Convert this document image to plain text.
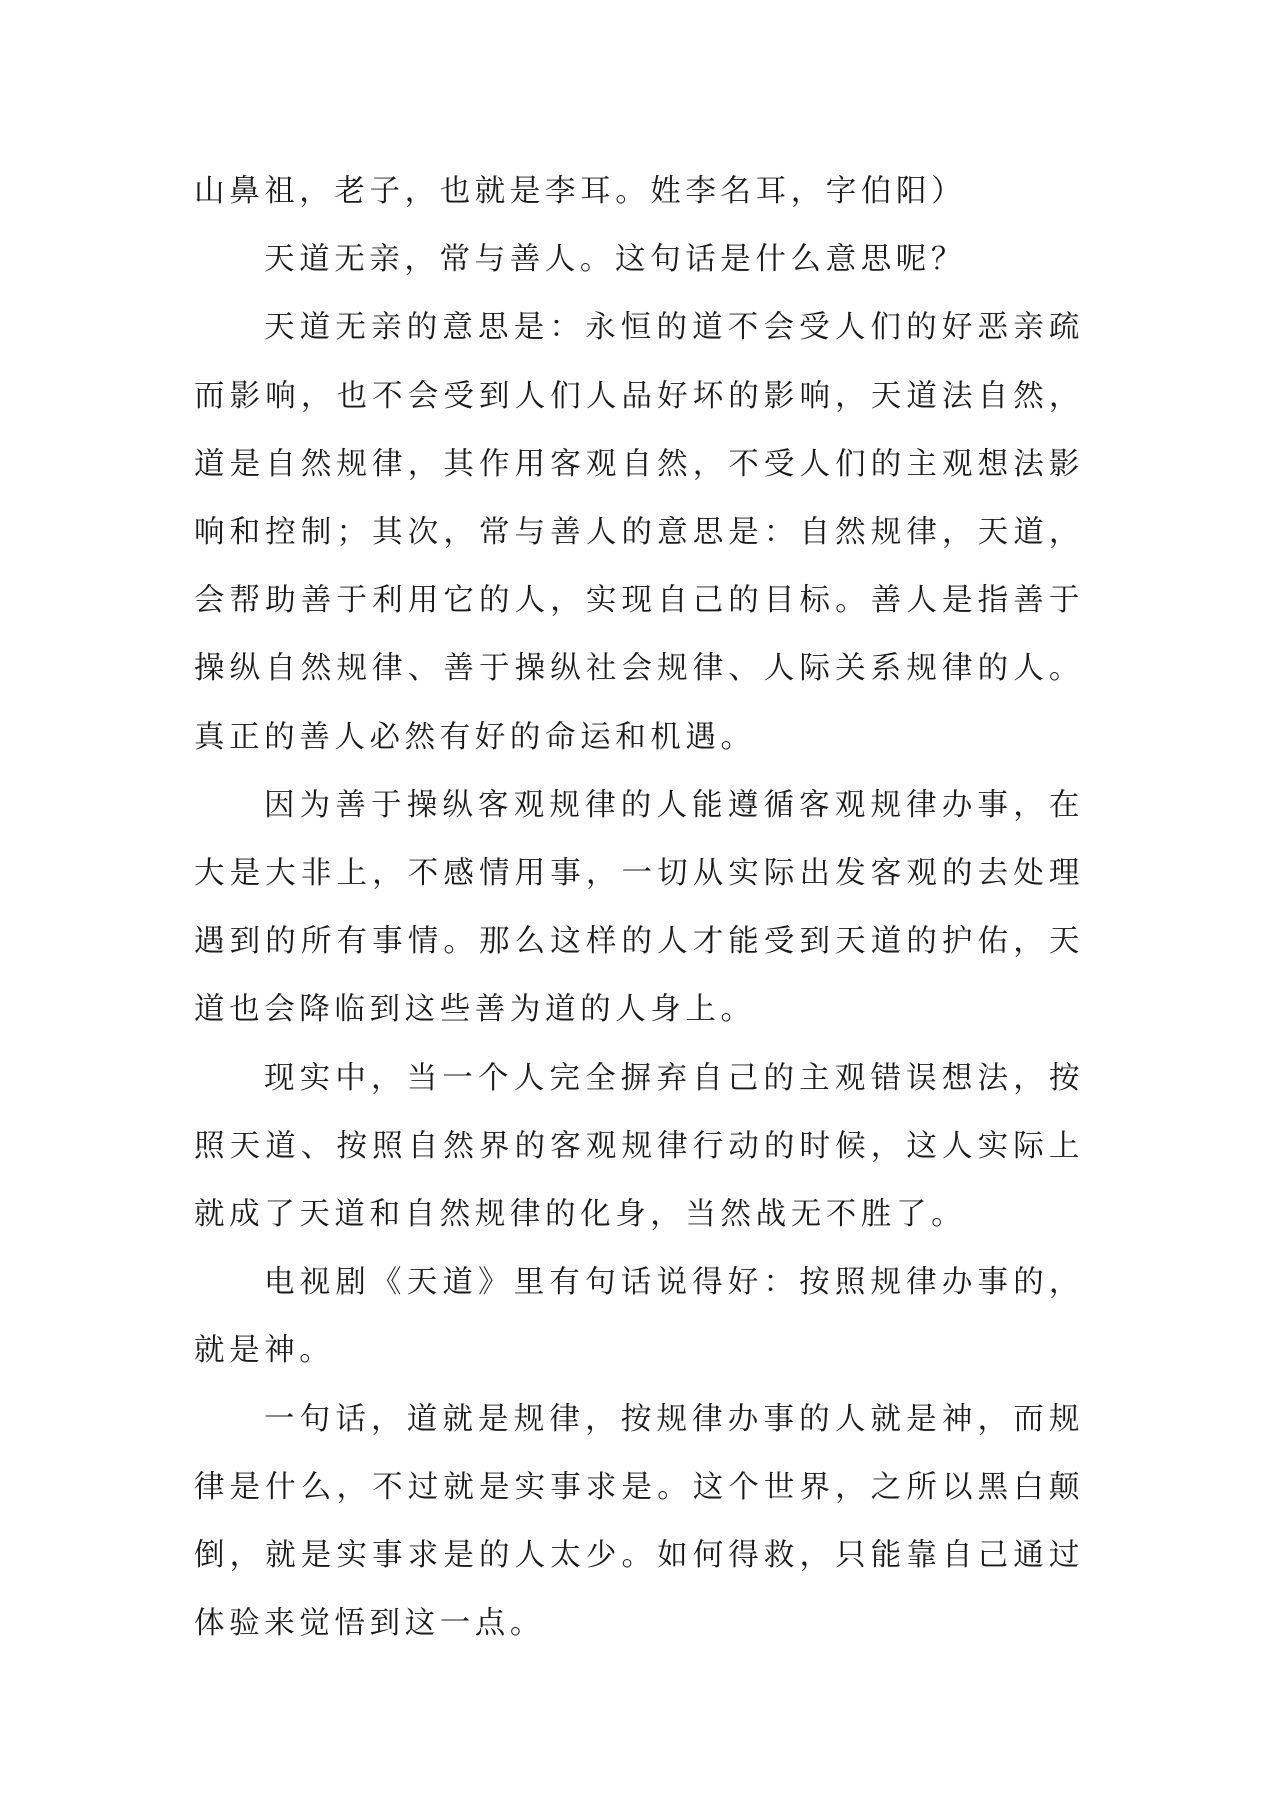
山鼻祖，老子，也就是李耳。姓李名耳，字伯阳）

天道无亲，常与善人。这句话是什么意思呢？

天道无亲的意思是：永恒的道不会受人们的好恶亲疏而影响，也不会受到人们人品好坏的影响，天道法自然，道是自然规律，其作用客观自然，不受人们的主观想法影响和控制；其次，常与善人的意思是：自然规律，天道，会帮助善于利用它的人，实现自己的目标。善人是指善于操纵自然规律、善于操纵社会规律、人际关系规律的人。真正的善人必然有好的命运和机遇。

因为善于操纵客观规律的人能遵循客观规律办事，在大是大非上，不感情用事，一切从实际出发客观的去处理遇到的所有事情。那么这样的人才能受到天道的护佑，天道也会降临到这些善为道的人身上。

现实中，当一个人完全摒弃自己的主观错误想法，按照天道、按照自然界的客观规律行动的时候，这人实际上就成了天道和自然规律的化身，当然战无不胜了。

电视剧《天道》里有句话说得好：按照规律办事的，就是神。

一句话，道就是规律，按规律办事的人就是神，而规律是什么，不过就是实事求是。这个世界，之所以黑白颠倒，就是实事求是的人太少。如何得救，只能靠自己通过体验来觉悟到这一点。
